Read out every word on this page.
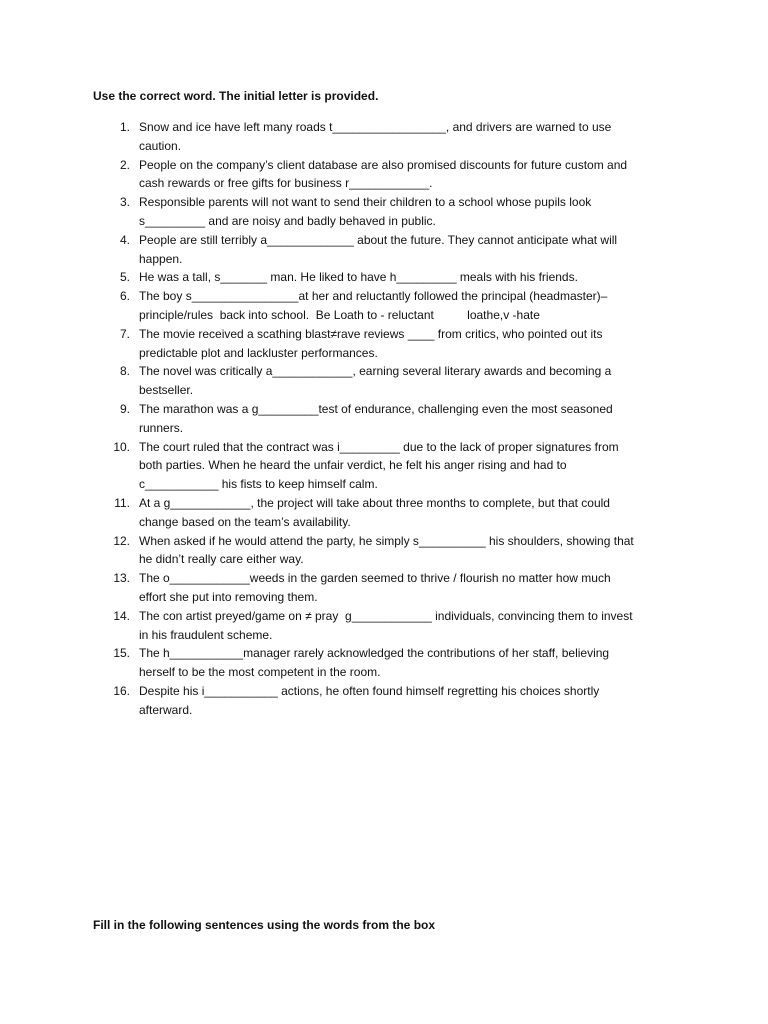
Use the correct word. The initial letter is provided.
1. Snow and ice have left many roads t_________________, and drivers are warned to use
caution.
2. People on the company’s client database are also promised discounts for future custom and
cash rewards or free gifts for business r____________.
3. Responsible parents will not want to send their children to a school whose pupils look
s_________ and are noisy and badly behaved in public.
4. People are still terribly a_____________ about the future. They cannot anticipate what will
happen.
5. He was a tall, s_______ man. He liked to have h_________ meals with his friends.
6. The boy s________________at her and reluctantly followed the principal (headmaster)–
principle/rules  back into school.  Be Loath to - reluctant          loathe,v -hate
7. The movie received a scathing blast≠rave reviews ____ from critics, who pointed out its
predictable plot and lackluster performances.
8. The novel was critically a____________, earning several literary awards and becoming a
bestseller.
9. The marathon was a g_________test of endurance, challenging even the most seasoned
runners.
10. The court ruled that the contract was i_________ due to the lack of proper signatures from
both parties. When he heard the unfair verdict, he felt his anger rising and had to
c___________ his fists to keep himself calm.
11. At a g____________, the project will take about three months to complete, but that could
change based on the team’s availability.
12. When asked if he would attend the party, he simply s__________ his shoulders, showing that
he didn’t really care either way.
13. The o____________weeds in the garden seemed to thrive / flourish no matter how much
effort she put into removing them.
14. The con artist preyed/game on ≠ pray  g____________ individuals, convincing them to invest
in his fraudulent scheme.
15. The h___________manager rarely acknowledged the contributions of her staff, believing
herself to be the most competent in the room.
16. Despite his i___________ actions, he often found himself regretting his choices shortly
afterward.
Fill in the following sentences using the words from the box
